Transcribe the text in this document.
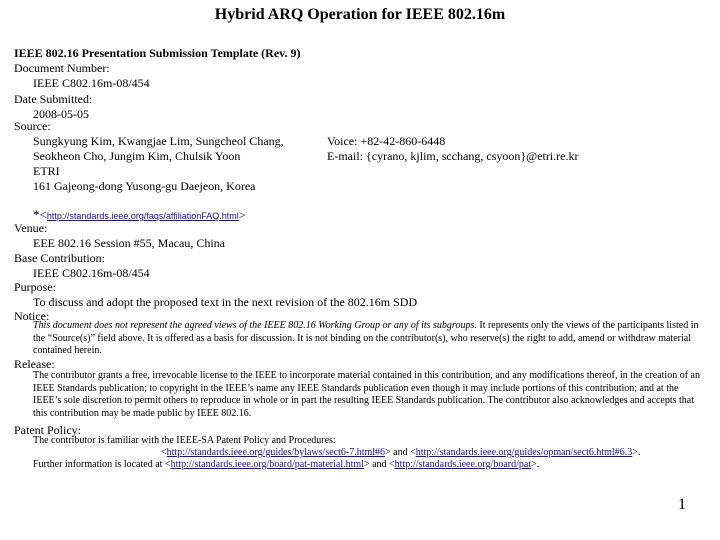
Hybrid ARQ Operation for IEEE 802.16m
IEEE 802.16 Presentation Submission Template (Rev. 9)
Document Number:
IEEE C802.16m-08/454
Date Submitted:
2008-05-05
Source:
Sungkyung Kim, Kwangjae Lim, Sungcheol Chang,
Seokheon Cho, Jungim Kim, Chulsik Yoon
ETRI
161 Gajeong-dong Yusong-gu Daejeon, Korea
Voice: +82-42-860-6448
E-mail: {cyrano, kjlim, scchang, csyoon}@etri.re.kr
*<http://standards.ieee.org/faqs/affiliationFAQ.html>
Venue:
EEE 802.16 Session #55, Macau, China
Base Contribution:
IEEE C802.16m-08/454
Purpose:
To discuss and adopt the proposed text in the next revision of the 802.16m SDD
Notice:
This document does not represent the agreed views of the IEEE 802.16 Working Group or any of its subgroups. It represents only the views of the participants listed in the “Source(s)” field above. It is offered as a basis for discussion. It is not binding on the contributor(s), who reserve(s) the right to add, amend or withdraw material contained herein.
Release:
The contributor grants a free, irrevocable license to the IEEE to incorporate material contained in this contribution, and any modifications thereof, in the creation of an IEEE Standards publication; to copyright in the IEEE’s name any IEEE Standards publication even though it may include portions of this contribution; and at the IEEE’s sole discretion to permit others to reproduce in whole or in part the resulting IEEE Standards publication. The contributor also acknowledges and accepts that this contribution may be made public by IEEE 802.16.
Patent Policy:
The contributor is familiar with the IEEE-SA Patent Policy and Procedures:
<http://standards.ieee.org/guides/bylaws/sect6-7.html#6> and <http://standards.ieee.org/guides/opman/sect6.html#6.3>.
Further information is located at <http://standards.ieee.org/board/pat-material.html> and <http://standards.ieee.org/board/pat>.
1
